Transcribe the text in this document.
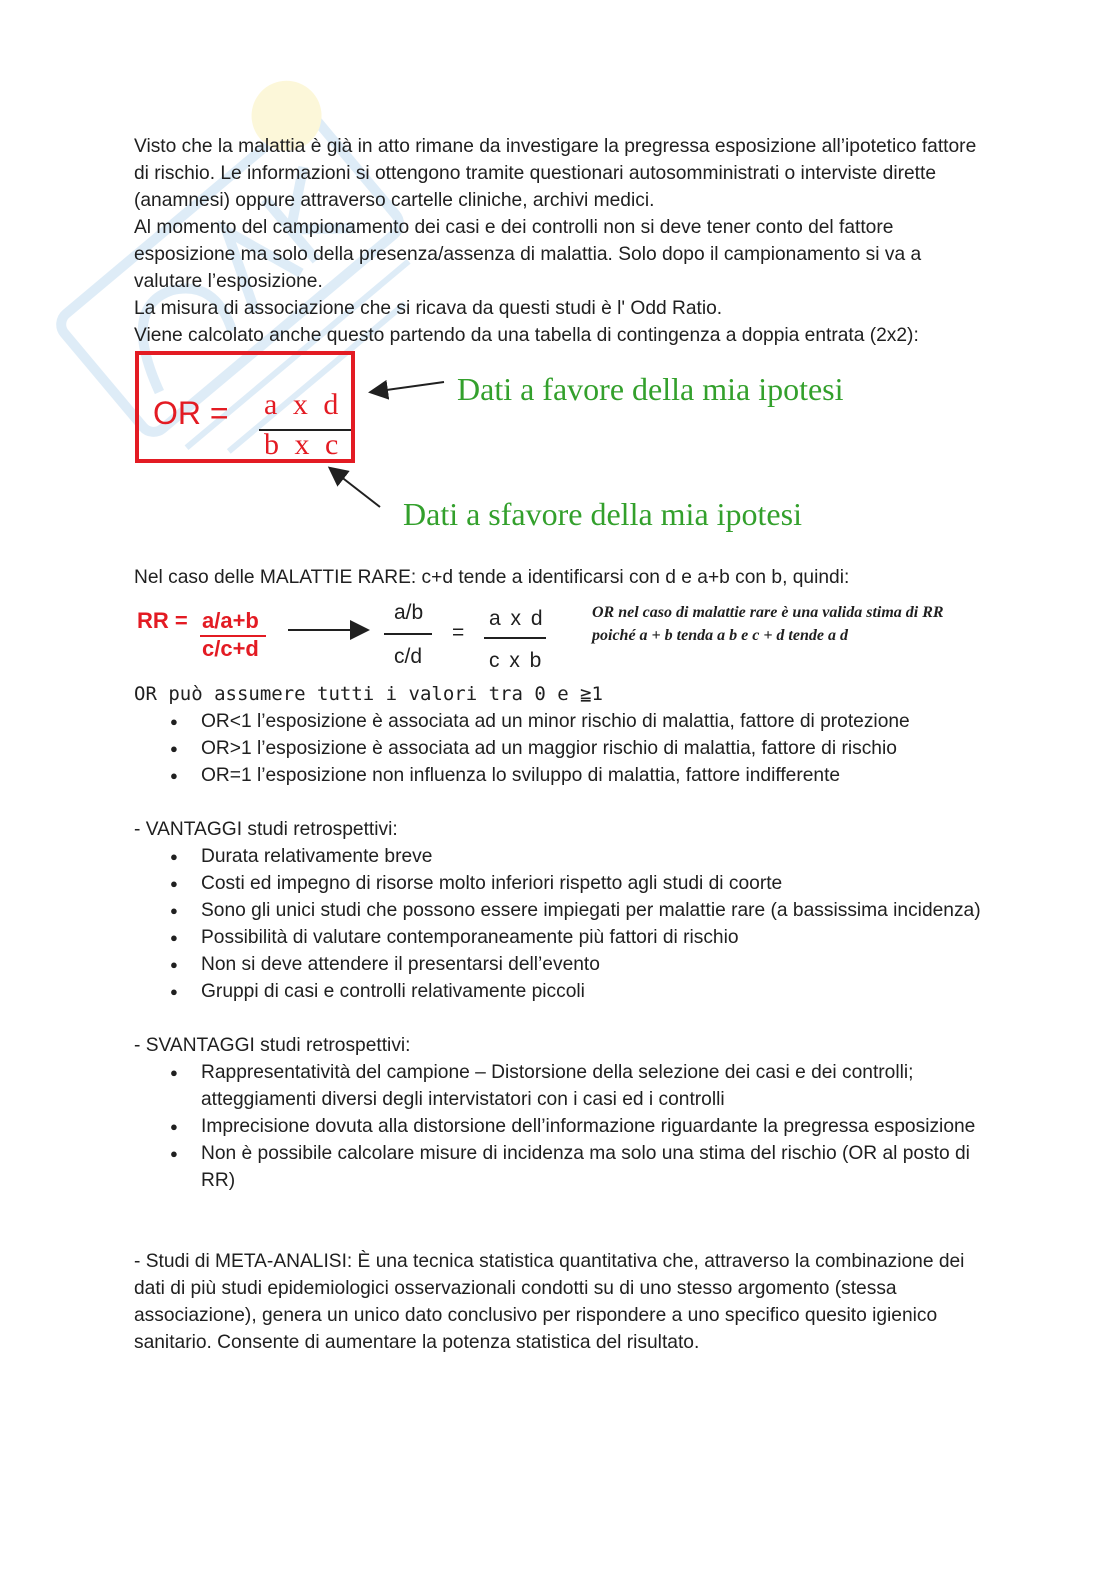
Visto che la malattia è già in atto rimane da investigare la pregressa esposizione all’ipotetico fattore di rischio. Le informazioni si ottengono tramite questionari autosomministrati o interviste dirette (anamnesi) oppure attraverso cartelle cliniche, archivi medici.

Al momento del campionamento dei casi e dei controlli non si deve tener conto del fattore esposizione ma solo della presenza/assenza di malattia. Solo dopo il campionamento si va a valutare l’esposizione.

La misura di associazione che si ricava da questi studi è l' Odd Ratio.

Viene calcolato anche questo partendo da una tabella di contingenza a doppia entrata (2x2):

OR = a x d
b x c
Dati a favore della mia ipotesi
Dati a sfavore della mia ipotesi

Nel caso delle MALATTIE RARE: c+d tende a identificarsi con d e a+b con b, quindi:

RR = a/a+b
c/c+d
a/b
c/d
=
a x d
c x b
OR nel caso di malattie rare è una valida stima di RR poiché a + b tenda a b e c + d tende a d

OR può assumere tutti i valori tra 0 e ≧1

● OR<1 l’esposizione è associata ad un minor rischio di malattia, fattore di protezione
● OR>1 l’esposizione è associata ad un maggior rischio di malattia, fattore di rischio
● OR=1 l’esposizione non influenza lo sviluppo di malattia, fattore indifferente

- VANTAGGI studi retrospettivi:

● Durata relativamente breve
● Costi ed impegno di risorse molto inferiori rispetto agli studi di coorte
● Sono gli unici studi che possono essere impiegati per malattie rare (a bassissima incidenza)
● Possibilità di valutare contemporaneamente più fattori di rischio
● Non si deve attendere il presentarsi dell’evento
● Gruppi di casi e controlli relativamente piccoli

- SVANTAGGI studi retrospettivi:

● Rappresentatività del campione – Distorsione della selezione dei casi e dei controlli; atteggiamenti diversi degli intervistatori con i casi ed i controlli
● Imprecisione dovuta alla distorsione dell’informazione riguardante la pregressa esposizione
● Non è possibile calcolare misure di incidenza ma solo una stima del rischio (OR al posto di RR)

- Studi di META-ANALISI: È una tecnica statistica quantitativa che, attraverso la combinazione dei dati di più studi epidemiologici osservazionali condotti su di uno stesso argomento (stessa associazione), genera un unico dato conclusivo per rispondere a uno specifico quesito igienico sanitario. Consente di aumentare la potenza statistica del risultato.
